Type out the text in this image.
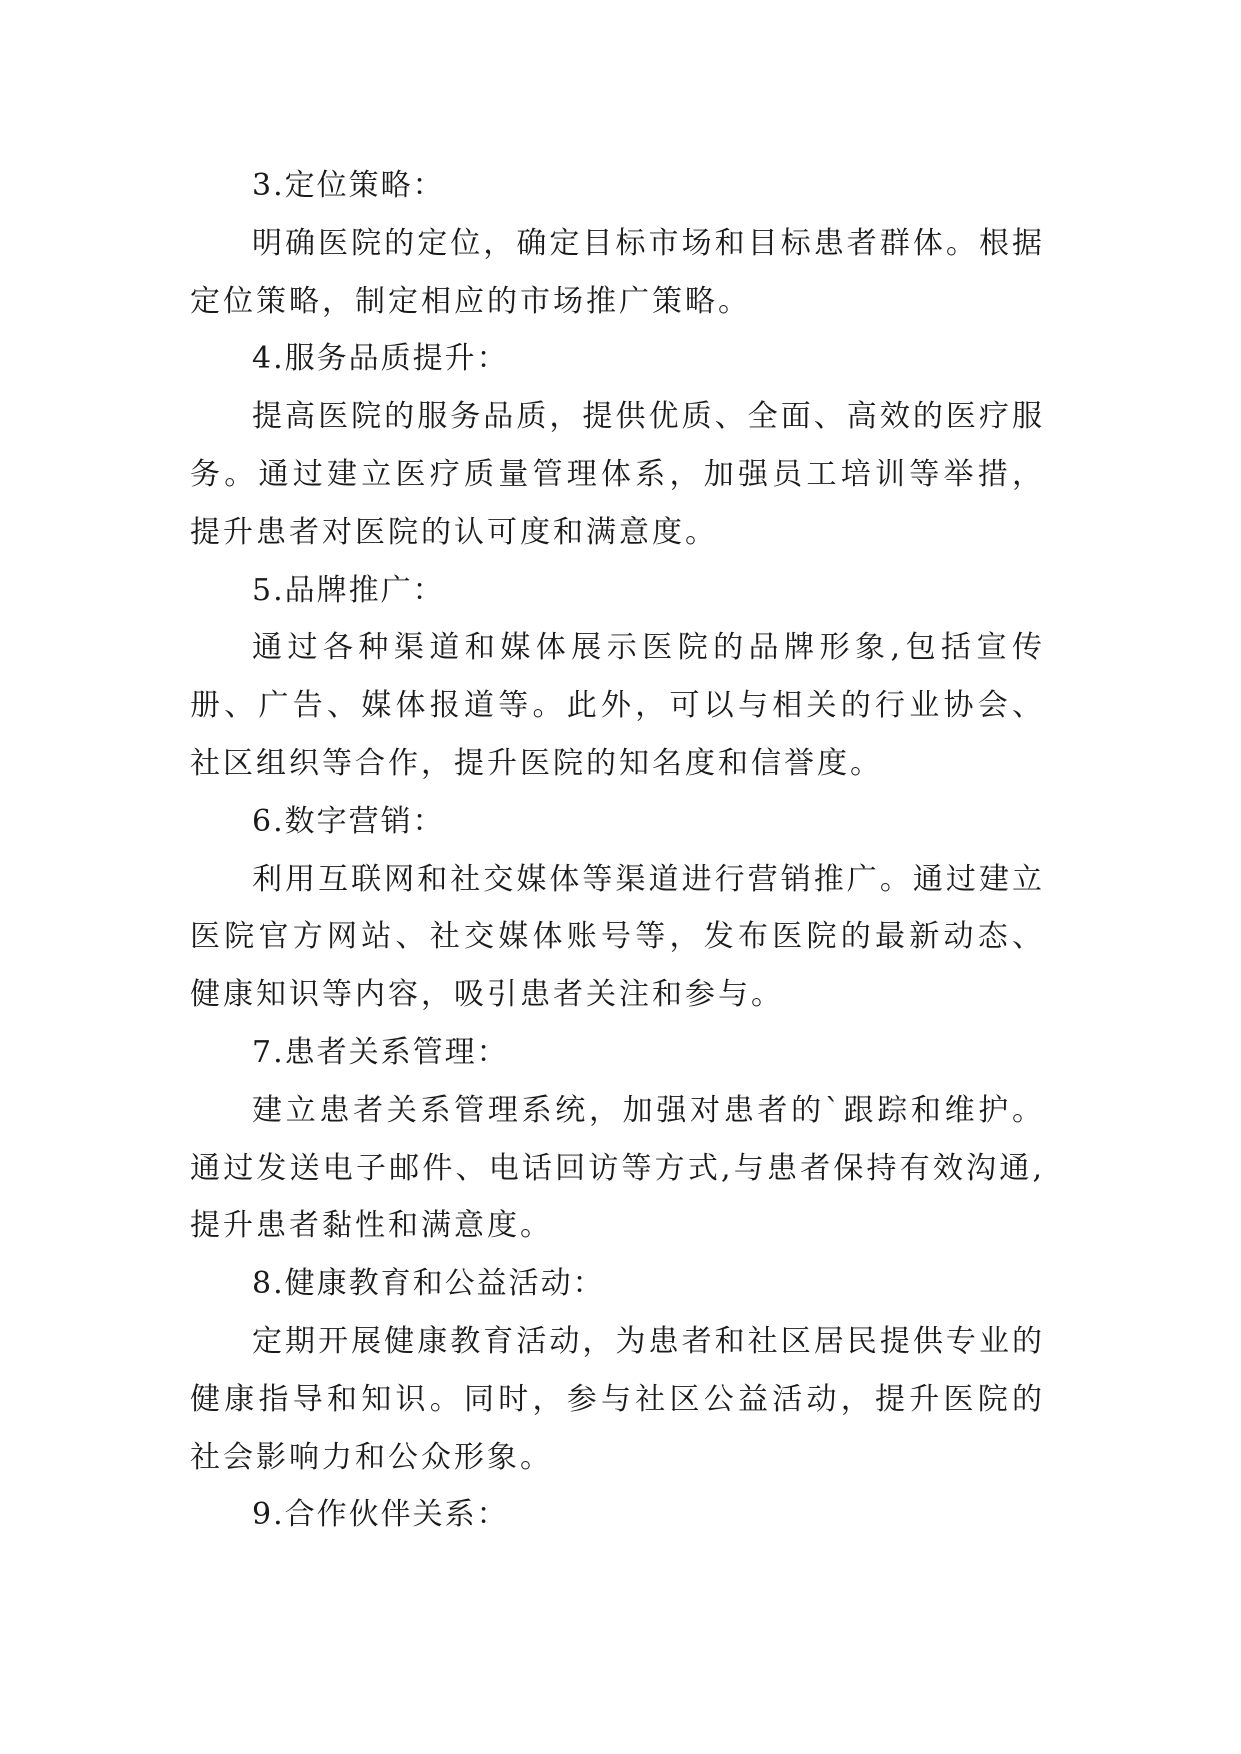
3.定位策略：

明确医院的定位，确定目标市场和目标患者群体。根据定位策略，制定相应的市场推广策略。

4.服务品质提升：

提高医院的服务品质，提供优质、全面、高效的医疗服务。通过建立医疗质量管理体系，加强员工培训等举措，提升患者对医院的认可度和满意度。

5.品牌推广：

通过各种渠道和媒体展示医院的品牌形象,包括宣传册、广告、媒体报道等。此外，可以与相关的行业协会、社区组织等合作，提升医院的知名度和信誉度。

6.数字营销：

利用互联网和社交媒体等渠道进行营销推广。通过建立医院官方网站、社交媒体账号等，发布医院的最新动态、健康知识等内容，吸引患者关注和参与。

7.患者关系管理：

建立患者关系管理系统，加强对患者的`跟踪和维护。通过发送电子邮件、电话回访等方式,与患者保持有效沟通,提升患者黏性和满意度。

8.健康教育和公益活动：

定期开展健康教育活动，为患者和社区居民提供专业的健康指导和知识。同时，参与社区公益活动，提升医院的社会影响力和公众形象。

9.合作伙伴关系：
